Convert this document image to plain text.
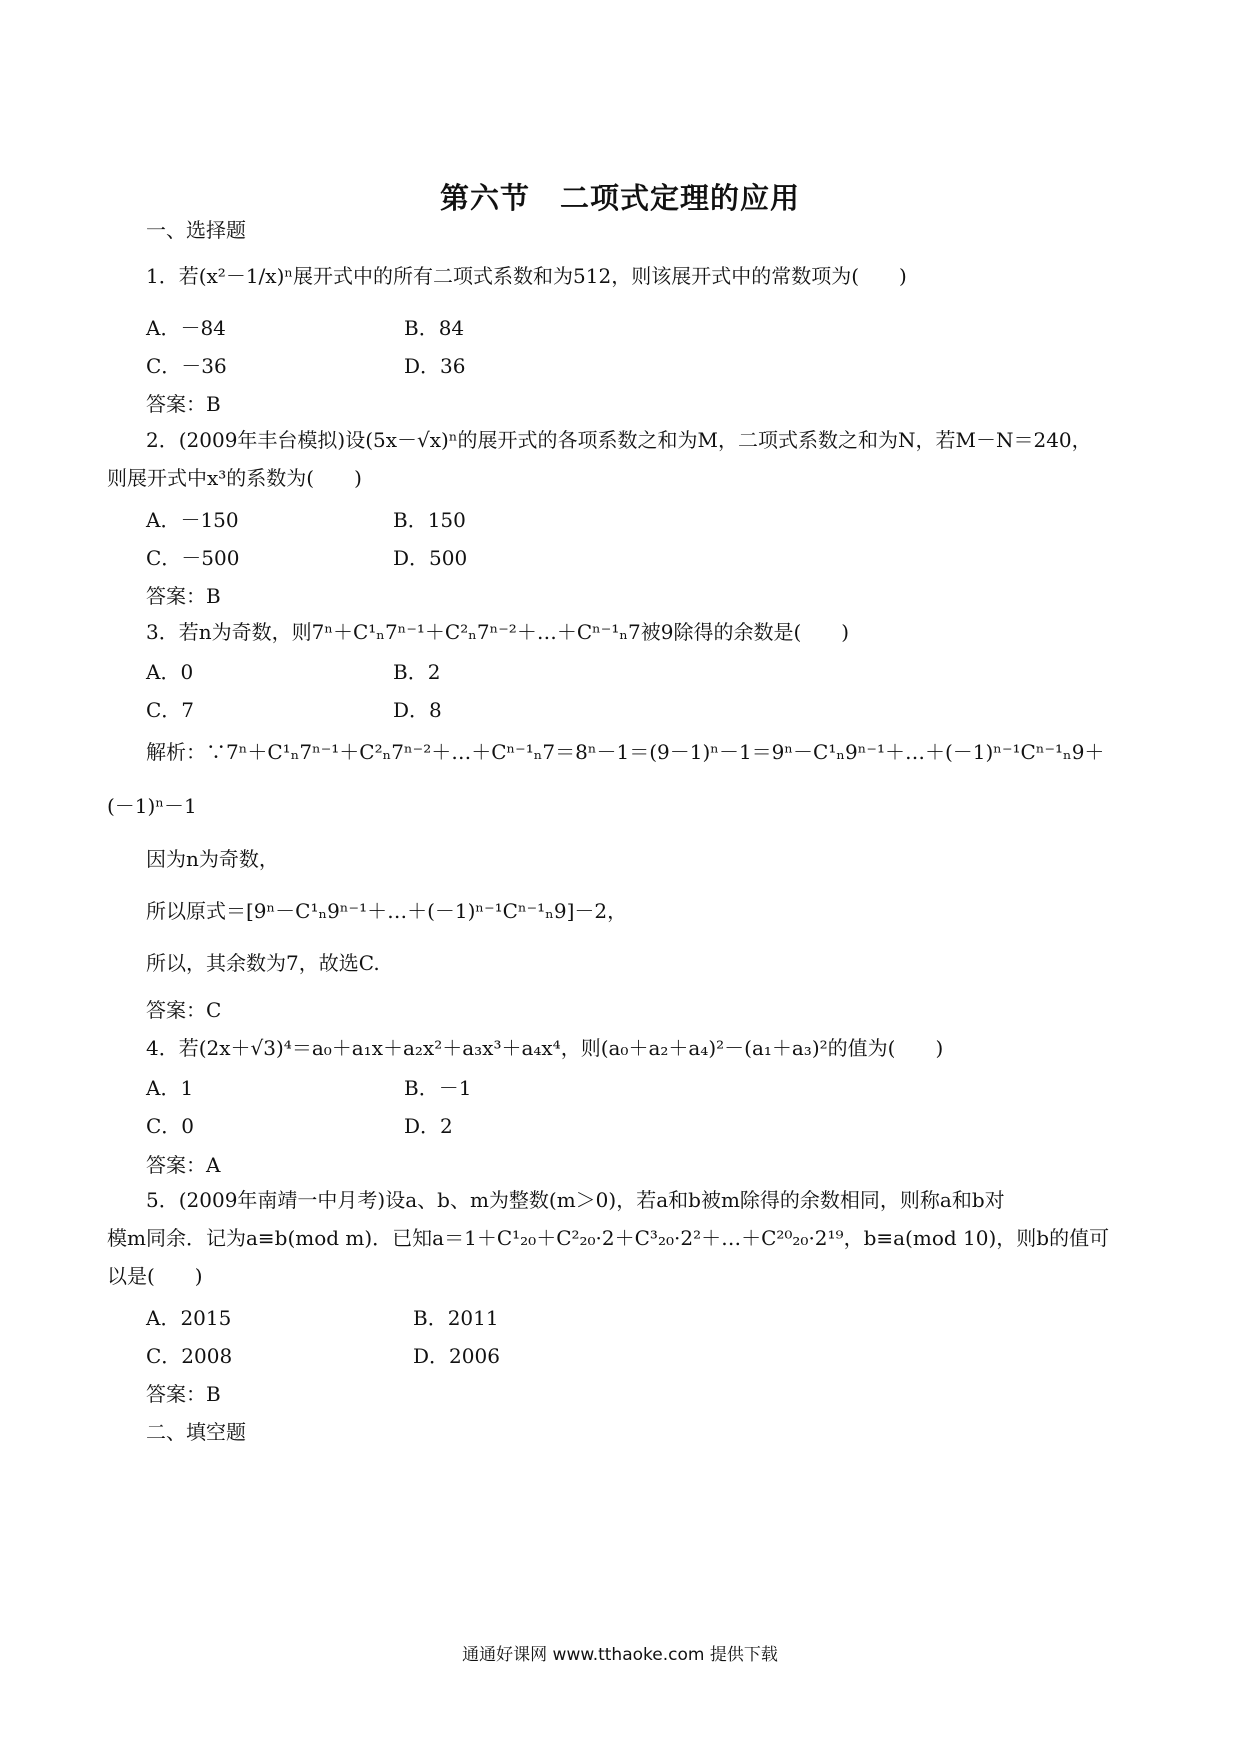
第六节　二项式定理的应用
一、选择题
1．若(x²－1/x)ⁿ展开式中的所有二项式系数和为512，则该展开式中的常数项为(　　)
A．－84	B．84
C．－36	D．36
答案：B
2．(2009年丰台模拟)设(5x－√x)ⁿ的展开式的各项系数之和为M，二项式系数之和为N，若M－N＝240，
则展开式中x³的系数为(　　)
A．－150	B．150
C．－500	D．500
答案：B
3．若n为奇数，则7ⁿ＋C¹ₙ7ⁿ⁻¹＋C²ₙ7ⁿ⁻²＋…＋Cⁿ⁻¹ₙ7被9除得的余数是(　　)
A．0	B．2
C．7	D．8
解析：∵7ⁿ＋C¹ₙ7ⁿ⁻¹＋C²ₙ7ⁿ⁻²＋…＋Cⁿ⁻¹ₙ7＝8ⁿ－1＝(9－1)ⁿ－1＝9ⁿ－C¹ₙ9ⁿ⁻¹＋…＋(－1)ⁿ⁻¹Cⁿ⁻¹ₙ9＋
(－1)ⁿ－1
因为n为奇数，
所以原式＝[9ⁿ－C¹ₙ9ⁿ⁻¹＋…＋(－1)ⁿ⁻¹Cⁿ⁻¹ₙ9]－2，
所以，其余数为7，故选C.
答案：C
4．若(2x＋√3)⁴＝a₀＋a₁x＋a₂x²＋a₃x³＋a₄x⁴，则(a₀＋a₂＋a₄)²－(a₁＋a₃)²的值为(　　)
A．1	B．－1
C．0	D．2
答案：A
5．(2009年南靖一中月考)设a、b、m为整数(m＞0)，若a和b被m除得的余数相同，则称a和b对
模m同余．记为a≡b(mod m)．已知a＝1＋C¹₂₀＋C²₂₀·2＋C³₂₀·2²＋…＋C²⁰₂₀·2¹⁹，b≡a(mod 10)，则b的值可
以是(　　)
A．2015	B．2011
C．2008	D．2006
答案：B
二、填空题
通通好课网 www.tthaoke.com 提供下载
